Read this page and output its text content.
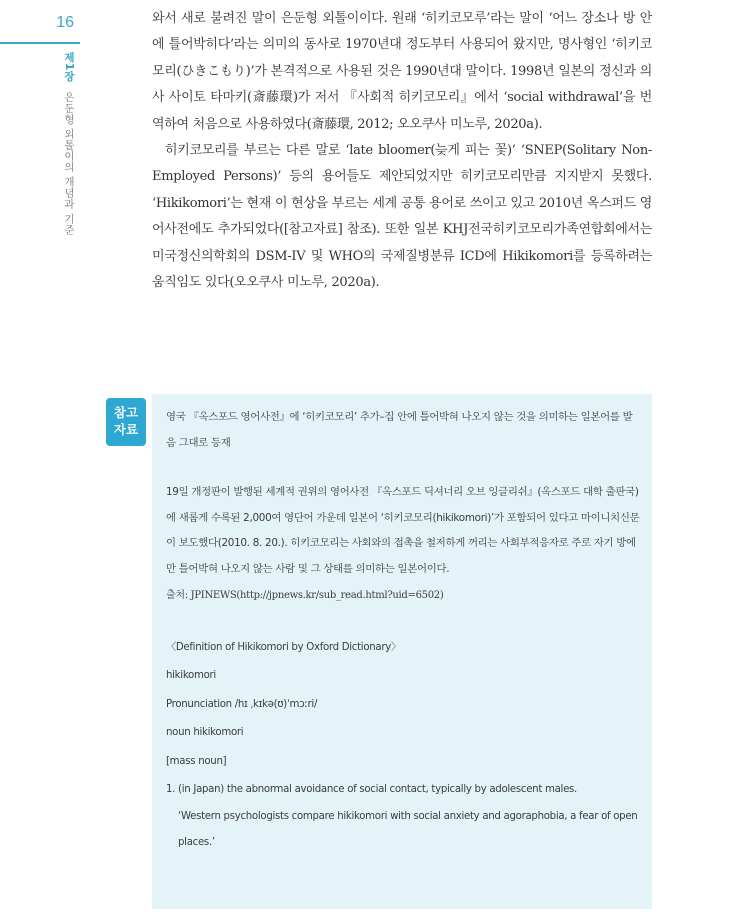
16
제1장 은둔형 외톨이의 개념과 기준

와서 새로 불려진 말이 은둔형 외톨이이다. 원래 ‘히키코모루’라는 말이 ‘어느 장소나 방 안에 틀어박히다’라는 의미의 동사로 1970년대 정도부터 사용되어 왔지만, 명사형인 ‘히키코모리(ひきこもり)’가 본격적으로 사용된 것은 1990년대 말이다. 1998년 일본의 정신과 의사 사이토 타마키(斎藤環)가 저서 『사회적 히키코모리』에서 ‘social withdrawal’을 번역하여 처음으로 사용하였다(斎藤環, 2012; 오오쿠사 미노루, 2020a).

히키코모리를 부르는 다른 말로 ‘late bloomer(늦게 피는 꽃)’ ‘SNEP(Solitary Non-Employed Persons)’ 등의 용어들도 제안되었지만 히키코모리만큼 지지받지 못했다. ‘Hikikomori’는 현재 이 현상을 부르는 세계 공통 용어로 쓰이고 있고 2010년 옥스퍼드 영어사전에도 추가되었다([참고자료] 참조). 또한 일본 KHJ전국히키코모리가족연합회에서는 미국정신의학회의 DSM-IV 및 WHO의 국제질병분류 ICD에 Hikikomori를 등록하려는 움직임도 있다(오오쿠사 미노루, 2020a).

참고
자료

영국 『옥스포드 영어사전』에 ‘히키코모리’ 추가–집 안에 틀어박혀 나오지 않는 것을 의미하는 일본어를 발음 그대로 등재

19일 개정판이 발행된 세계적 권위의 영어사전 『옥스포드 딕셔너리 오브 잉글리쉬』(옥스포드 대학 출판국)에 새롭게 수록된 2,000여 영단어 가운데 일본어 ‘히키코모리(hikikomori)’가 포함되어 있다고 마이니치신문이 보도했다(2010. 8. 20.). 히키코모리는 사회와의 접촉을 철저하게 꺼리는 사회부적응자로 주로 자기 방에만 틀어박혀 나오지 않는 사람 및 그 상태를 의미하는 일본어이다.

출처: JPINEWS(http://jpnews.kr/sub_read.html?uid=6502)

〈Definition of Hikikomori by Oxford Dictionary〉
hikikomori
Pronunciation /hɪ ˌkɪkə(ʊ)ˈmɔːri/
noun hikikomori
[mass noun]
1. (in Japan) the abnormal avoidance of social contact, typically by adolescent males.
‘Western psychologists compare hikikomori with social anxiety and agoraphobia, a fear of open places.’
